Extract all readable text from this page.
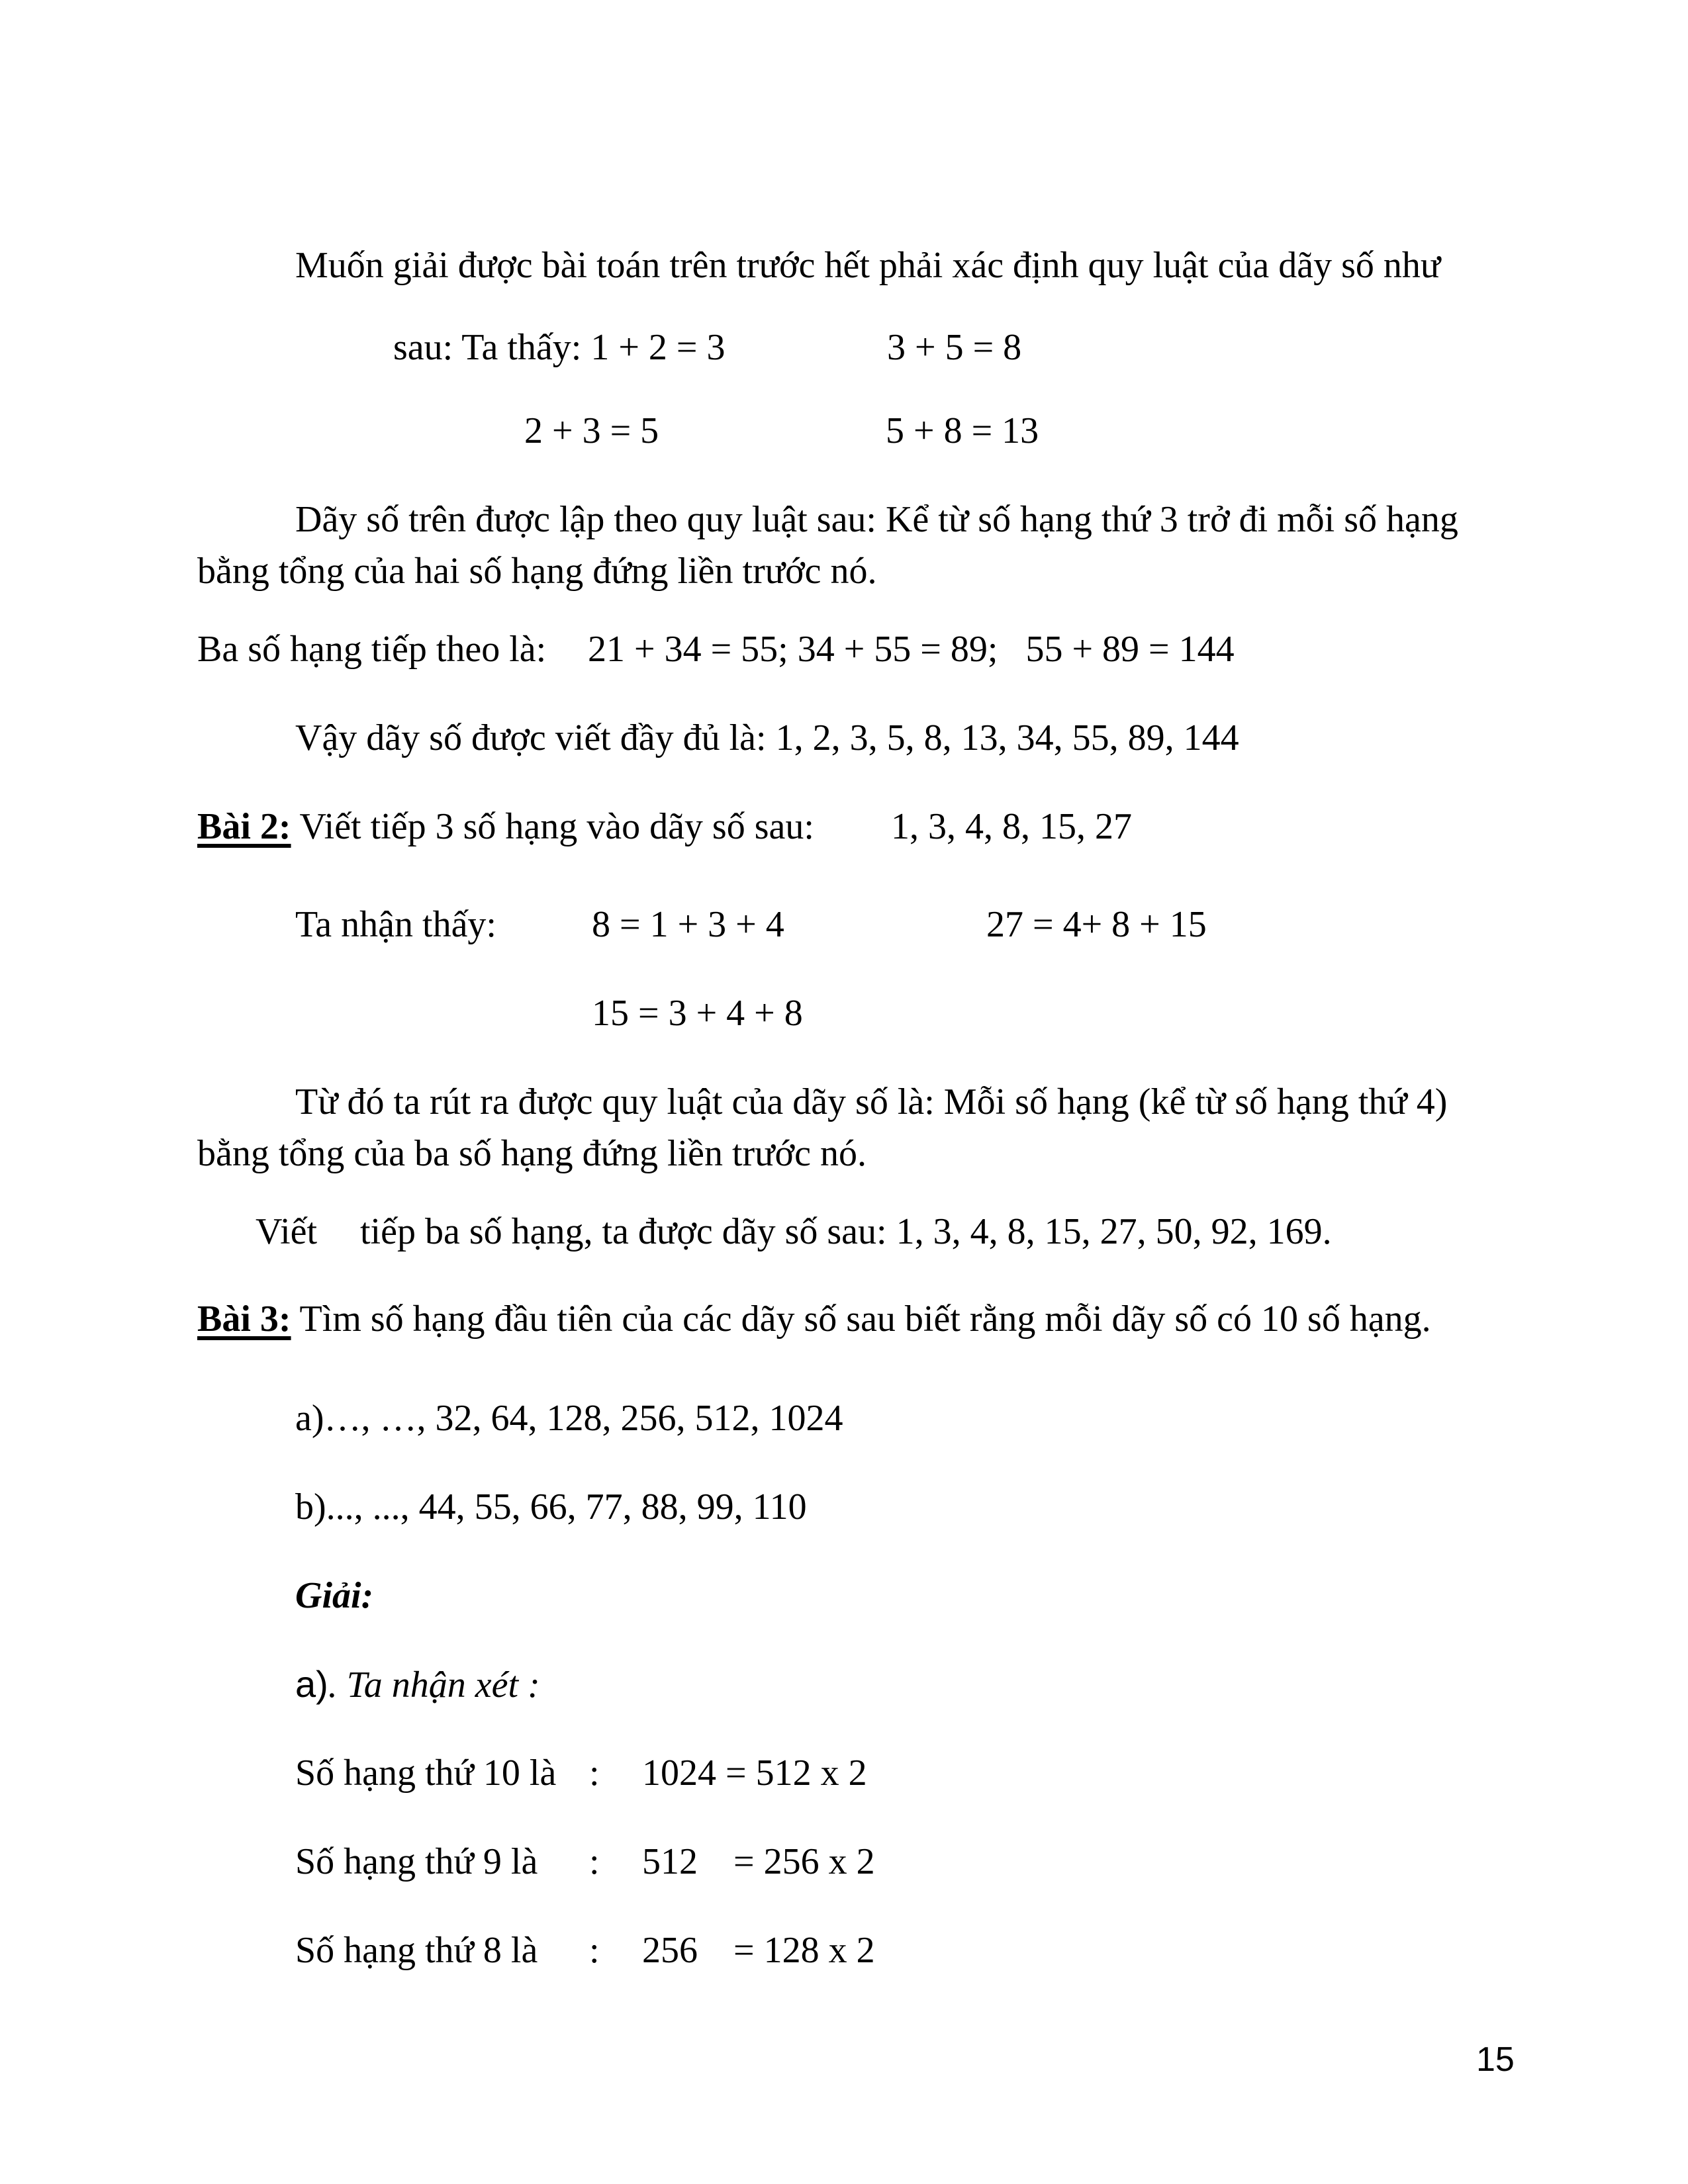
Muốn giải được bài toán trên trước hết phải xác định quy luật của dãy số như
sau: Ta thấy: 1 + 2 = 3	3 + 5 = 8
2 + 3 = 5	5 + 8 = 13
Dãy số trên được lập theo quy luật sau: Kể từ số hạng thứ 3 trở đi mỗi số hạng
bằng tổng của hai số hạng đứng liền trước nó.
Ba số hạng tiếp theo là: 21 + 34 = 55; 34 + 55 = 89;   55 + 89 = 144
Vậy dãy số được viết đầy đủ là: 1, 2, 3, 5, 8, 13, 34, 55, 89, 144
Bài 2: Viết tiếp 3 số hạng vào dãy số sau: 1, 3, 4, 8, 15, 27
Ta nhận thấy:	8 = 1 + 3 + 4	27 = 4+ 8 + 15
15 = 3 + 4 + 8
Từ đó ta rút ra được quy luật của dãy số là: Mỗi số hạng (kể từ số hạng thứ 4)
bằng tổng của ba số hạng đứng liền trước nó.
Viết tiếp ba số hạng, ta được dãy số sau: 1, 3, 4, 8, 15, 27, 50, 92, 169.
Bài 3: Tìm số hạng đầu tiên của các dãy số sau biết rằng mỗi dãy số có 10 số hạng.
a)…, …, 32, 64, 128, 256, 512, 1024
b)..., ..., 44, 55, 66, 77, 88, 99, 110
Giải:
a). Ta nhận xét :
Số hạng thứ 10 là : 1024 = 512 x 2
Số hạng thứ 9 là : 512 = 256 x 2
Số hạng thứ 8 là : 256 = 128 x 2
15
